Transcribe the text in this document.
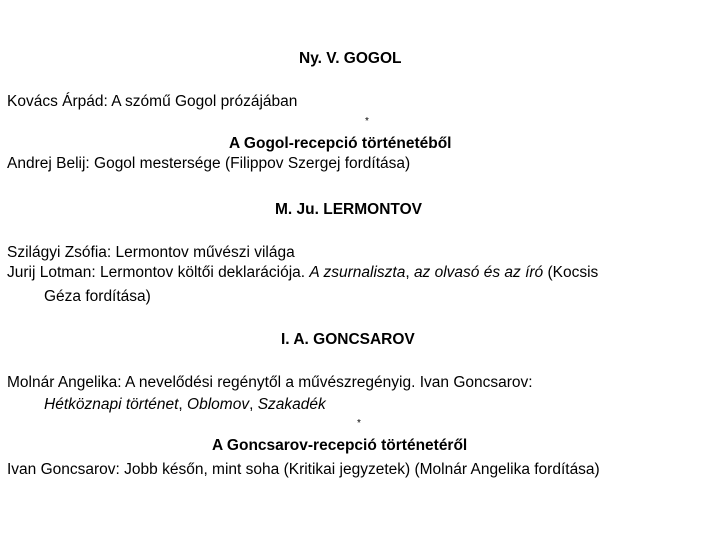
Ny. V. GOGOL
Kovács Árpád: A szómű Gogol prózájában
*
A Gogol-recepció történetéből
Andrej Belij: Gogol mestersége (Filippov Szergej fordítása)
M. Ju. LERMONTOV
Szilágyi Zsófia: Lermontov művészi világa
Jurij Lotman: Lermontov költői deklarációja. A zsurnaliszta, az olvasó és az író (Kocsis
Géza fordítása)
I. A. GONCSAROV
Molnár Angelika: A nevelődési regénytől a művészregényig. Ivan Goncsarov:
Hétköznapi történet, Oblomov, Szakadék
*
A Goncsarov-recepció történetéről
Ivan Goncsarov: Jobb későn, mint soha (Kritikai jegyzetek) (Molnár Angelika fordítása)
